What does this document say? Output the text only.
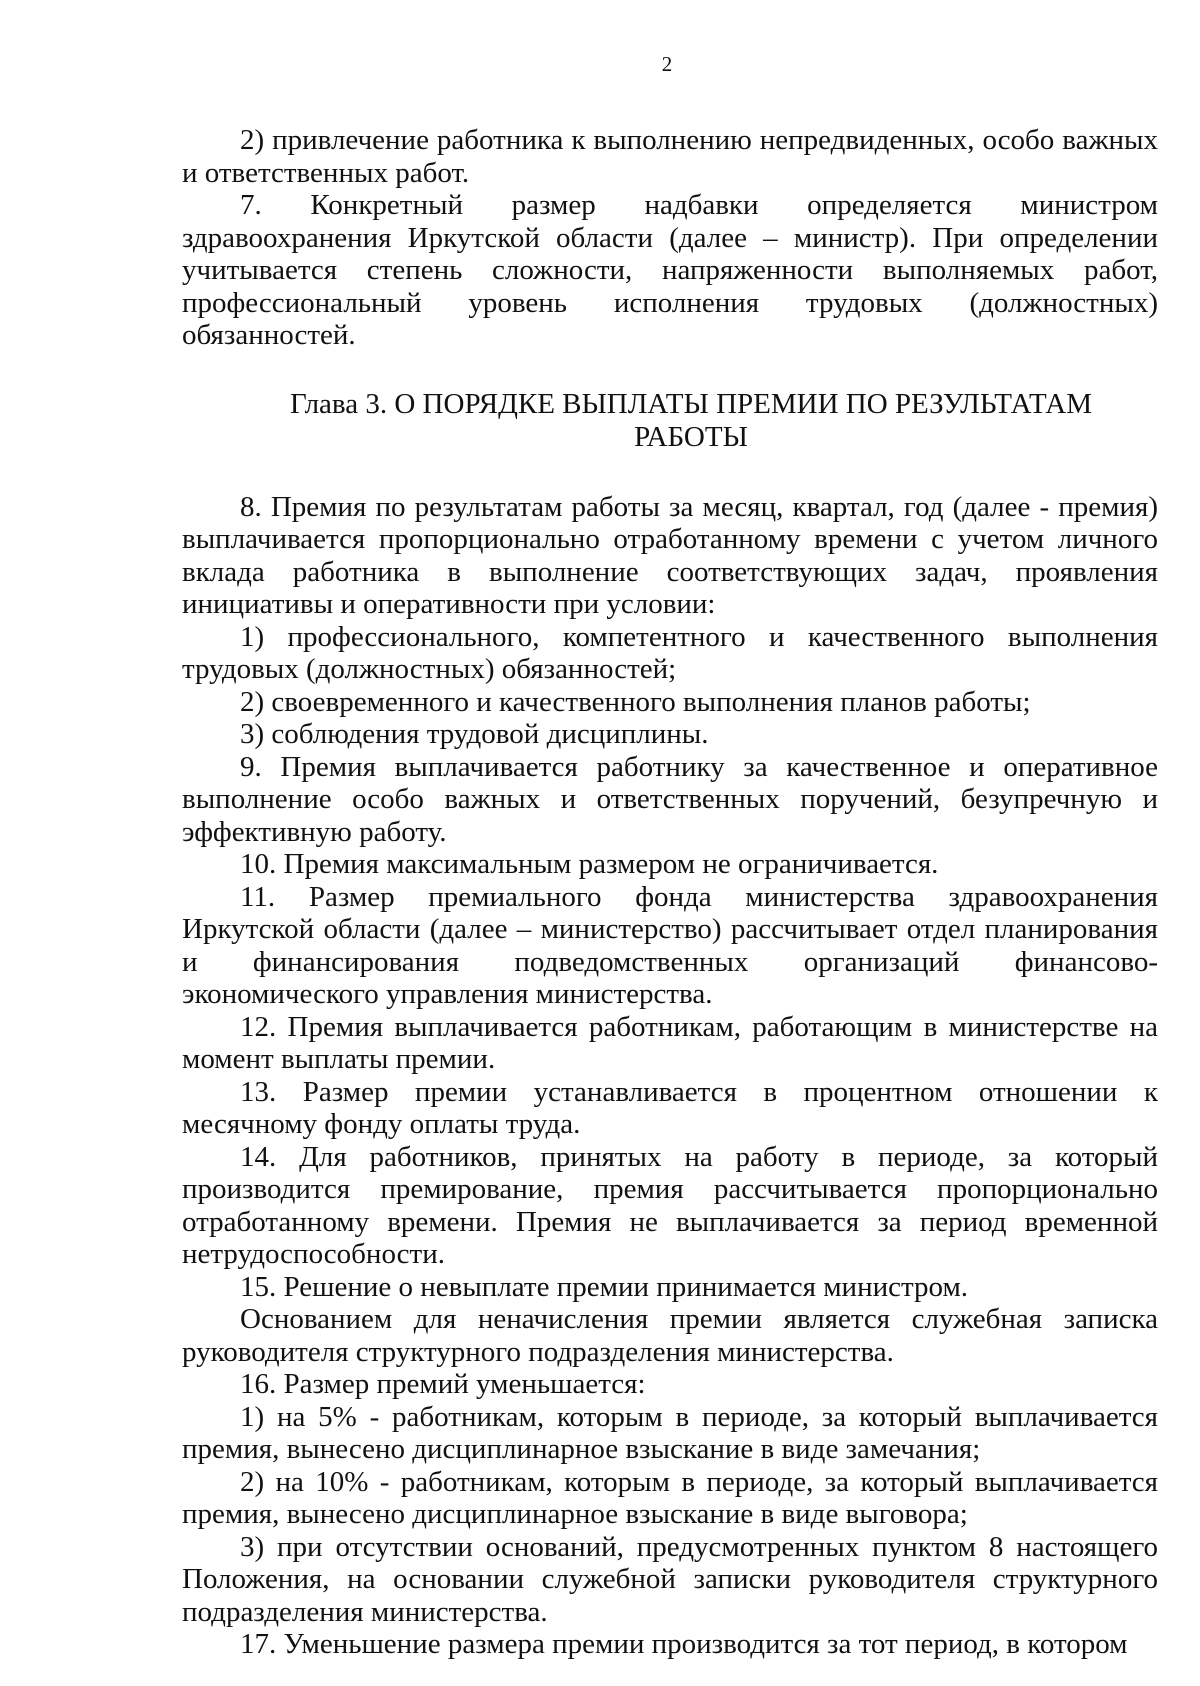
2

2) привлечение работника к выполнению непредвиденных, особо важных и ответственных работ.

7. Конкретный размер надбавки определяется министром здравоохранения Иркутской области (далее – министр). При определении учитывается степень сложности, напряженности выполняемых работ, профессиональный уровень исполнения трудовых (должностных) обязанностей.

Глава 3. О ПОРЯДКЕ ВЫПЛАТЫ ПРЕМИИ ПО РЕЗУЛЬТАТАМ
РАБОТЫ

8. Премия по результатам работы за месяц, квартал, год (далее - премия) выплачивается пропорционально отработанному времени с учетом личного вклада работника в выполнение соответствующих задач, проявления инициативы и оперативности при условии:

1) профессионального, компетентного и качественного выполнения трудовых (должностных) обязанностей;

2) своевременного и качественного выполнения планов работы;

3) соблюдения трудовой дисциплины.

9. Премия выплачивается работнику за качественное и оперативное выполнение особо важных и ответственных поручений, безупречную и эффективную работу.

10. Премия максимальным размером не ограничивается.

11. Размер премиального фонда министерства здравоохранения Иркутской области (далее – министерство) рассчитывает отдел планирования и финансирования подведомственных организаций финансово-экономического управления министерства.

12. Премия выплачивается работникам, работающим в министерстве на момент выплаты премии.

13. Размер премии устанавливается в процентном отношении к месячному фонду оплаты труда.

14. Для работников, принятых на работу в периоде, за который производится премирование, премия рассчитывается пропорционально отработанному времени. Премия не выплачивается за период временной нетрудоспособности.

15. Решение о невыплате премии принимается министром.

Основанием для неначисления премии является служебная записка руководителя структурного подразделения министерства.

16. Размер премий уменьшается:

1) на 5% - работникам, которым в периоде, за который выплачивается премия, вынесено дисциплинарное взыскание в виде замечания;

2) на 10% - работникам, которым в периоде, за который выплачивается премия, вынесено дисциплинарное взыскание в виде выговора;

3) при отсутствии оснований, предусмотренных пунктом 8 настоящего Положения, на основании служебной записки руководителя структурного подразделения министерства.

17. Уменьшение размера премии производится за тот период, в котором
